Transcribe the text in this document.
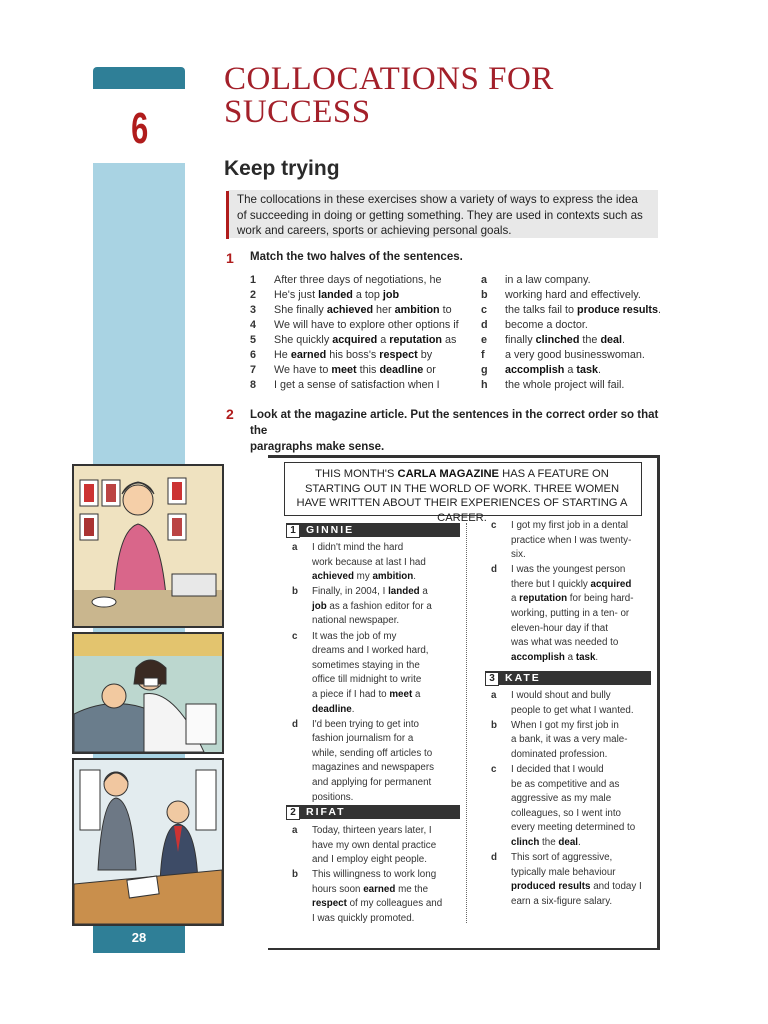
6
28
COLLOCATIONS FOR
SUCCESS
Keep trying
The collocations in these exercises show a variety of ways to express the idea
of succeeding in doing or getting something. They are used in contexts such as
work and careers, sports or achieving personal goals.
1 Match the two halves of the sentences.
1 After three days of negotiations, he
2 He's just landed a top job
3 She finally achieved her ambition to
4 We will have to explore other options if
5 She quickly acquired a reputation as
6 He earned his boss's respect by
7 We have to meet this deadline or
8 I get a sense of satisfaction when I
a in a law company.
b working hard and effectively.
c the talks fail to produce results.
d become a doctor.
e finally clinched the deal.
f a very good businesswoman.
g accomplish a task.
h the whole project will fail.
2 Look at the magazine article. Put the sentences in the correct order so that the
paragraphs make sense.
THIS MONTH'S CARLA MAGAZINE HAS A FEATURE ON STARTING OUT IN THE WORLD OF WORK. THREE WOMEN HAVE WRITTEN ABOUT THEIR EXPERIENCES OF STARTING A CAREER.
1 GINNIE
a I didn't mind the hard
work because at last I had
achieved my ambition.
b Finally, in 2004, I landed a
job as a fashion editor for a
national newspaper.
c It was the job of my
dreams and I worked hard,
sometimes staying in the
office till midnight to write
a piece if I had to meet a
deadline.
d I'd been trying to get into
fashion journalism for a
while, sending off articles to
magazines and newspapers
and applying for permanent
positions.
2 RIFAT
a Today, thirteen years later, I
have my own dental practice
and I employ eight people.
b This willingness to work long
hours soon earned me the
respect of my colleagues and
I was quickly promoted.
c I got my first job in a dental
practice when I was twenty-
six.
d I was the youngest person
there but I quickly acquired
a reputation for being hard-
working, putting in a ten- or
eleven-hour day if that
was what was needed to
accomplish a task.
3 KATE
a I would shout and bully
people to get what I wanted.
b When I got my first job in
a bank, it was a very male-
dominated profession.
c I decided that I would
be as competitive and as
aggressive as my male
colleagues, so I went into
every meeting determined to
clinch the deal.
d This sort of aggressive,
typically male behaviour
produced results and today I
earn a six-figure salary.
